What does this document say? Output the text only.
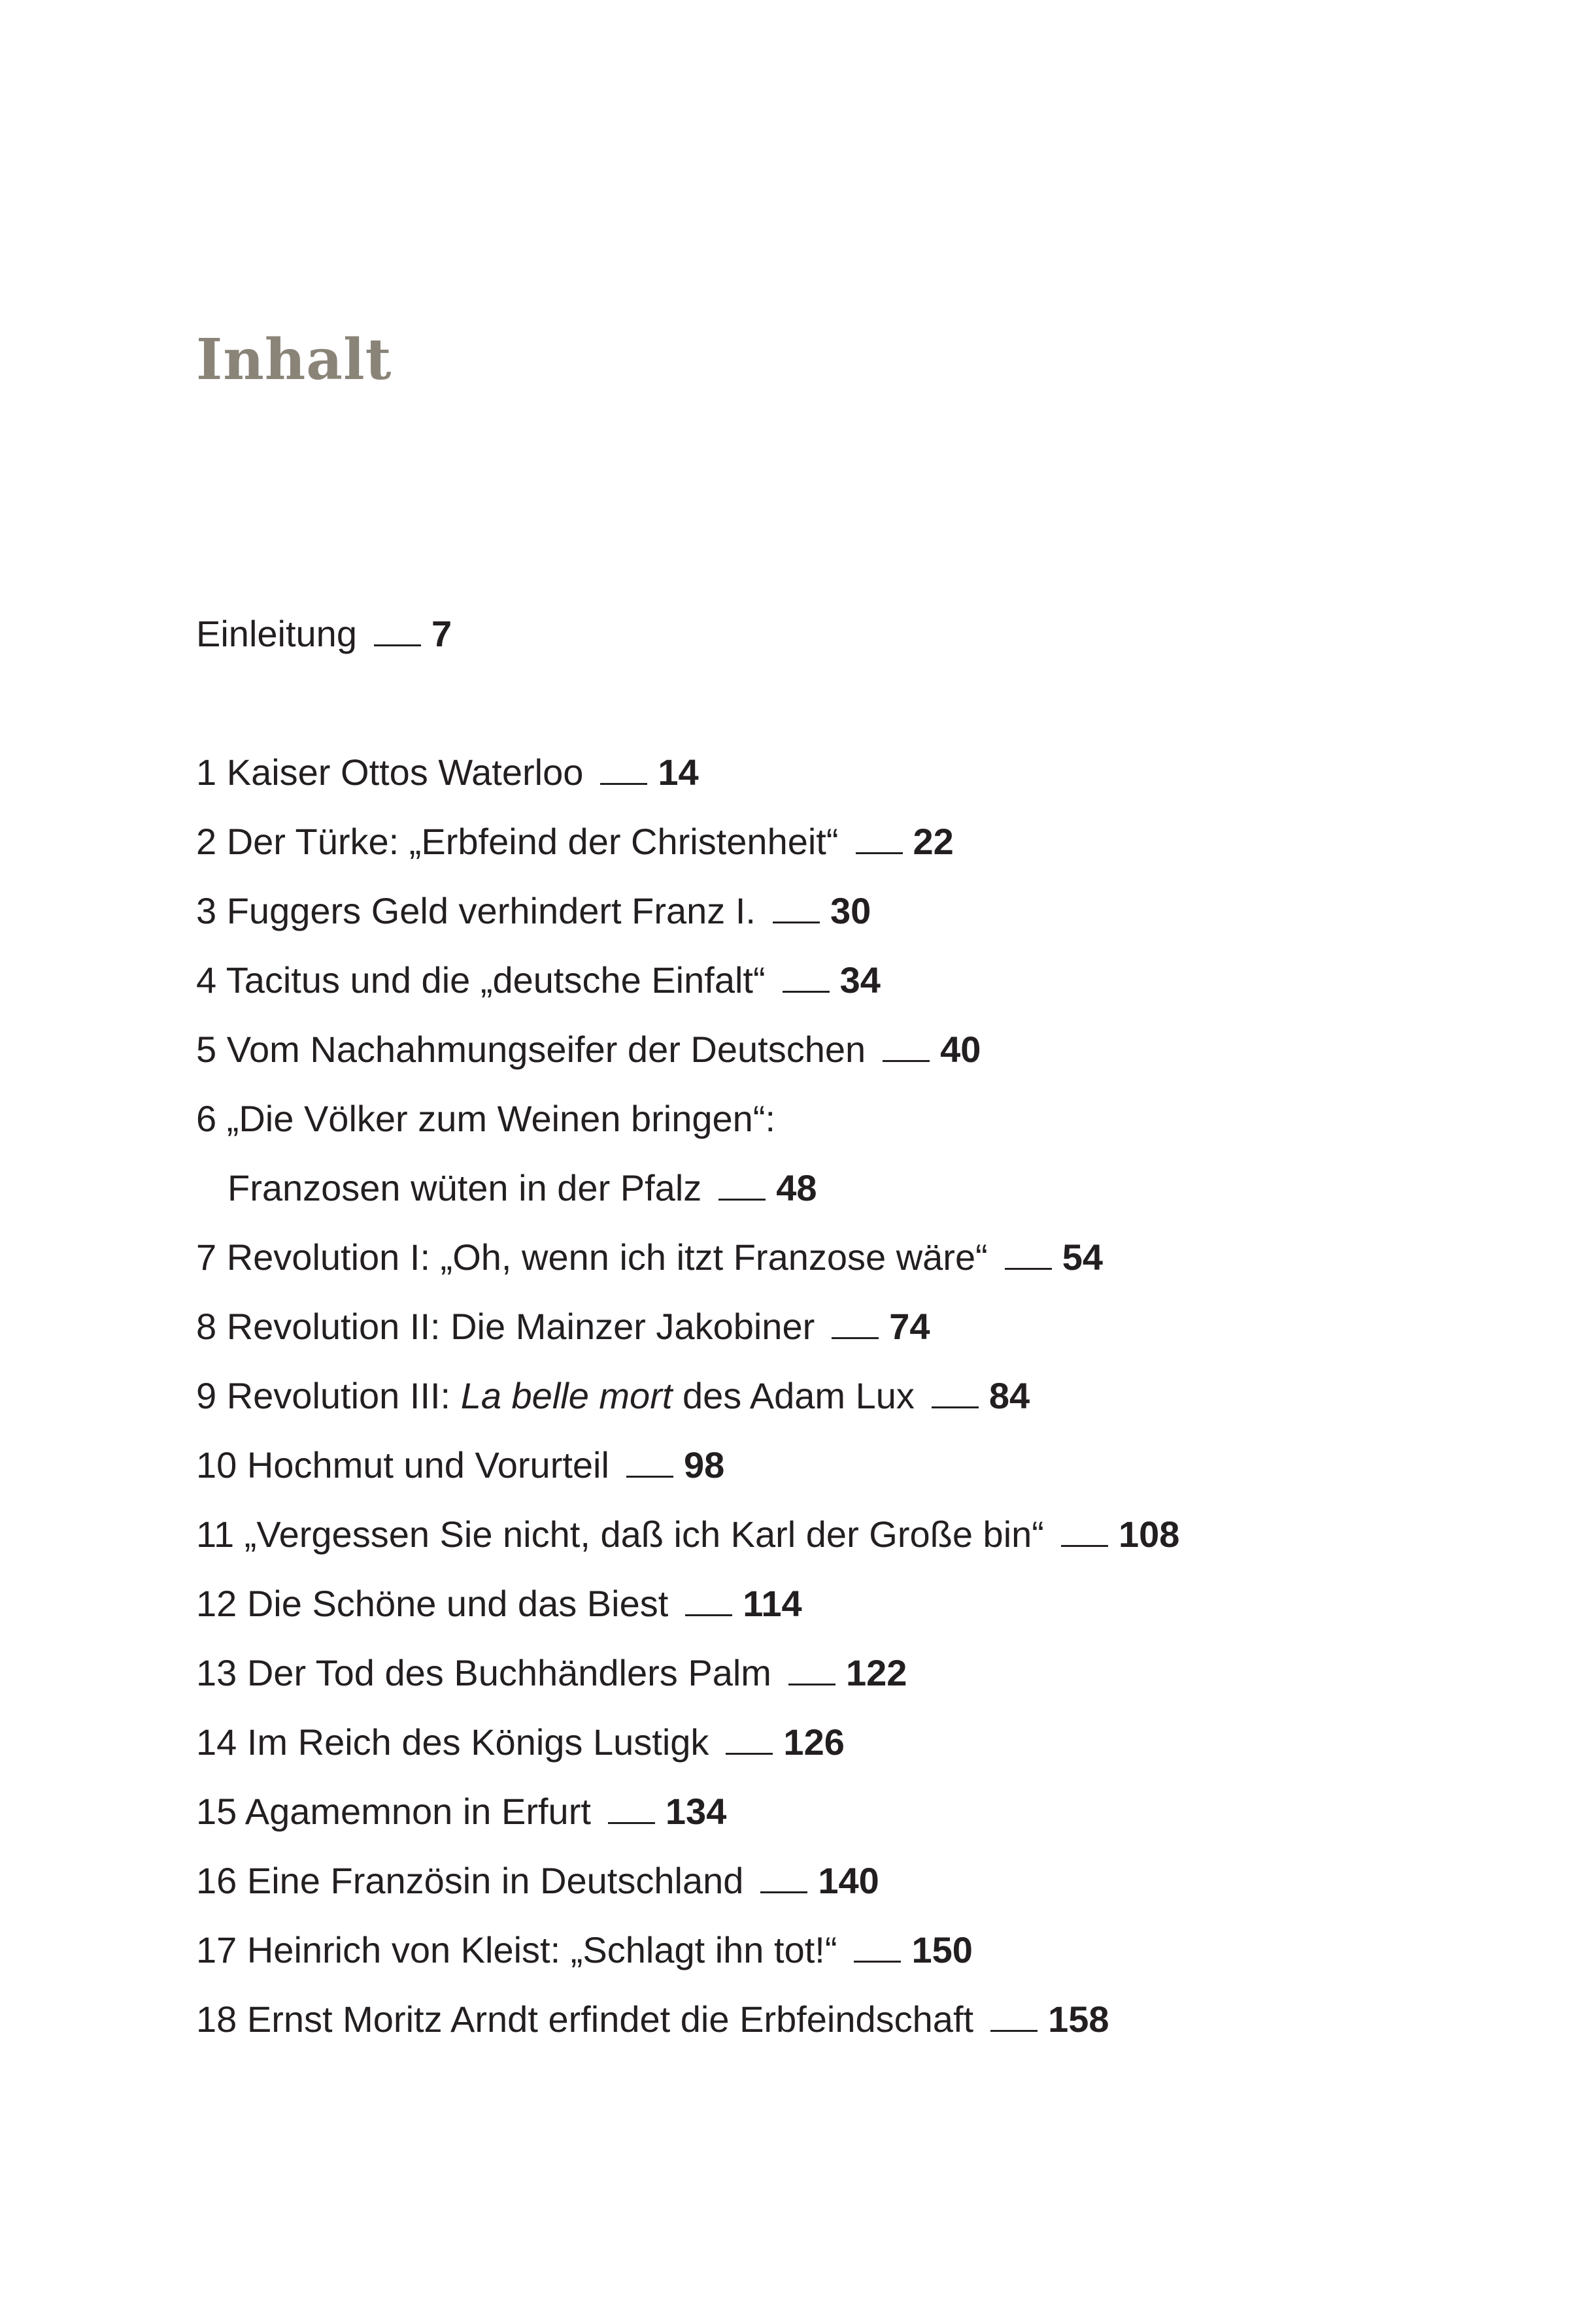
Inhalt
Einleitung 7
1 Kaiser Ottos Waterloo 14
2 Der Türke: „Erbfeind der Christenheit“ 22
3 Fuggers Geld verhindert Franz I. 30
4 Tacitus und die „deutsche Einfalt“ 34
5 Vom Nachahmungseifer der Deutschen 40
6 „Die Völker zum Weinen bringen“:
Franzosen wüten in der Pfalz 48
7 Revolution I: „Oh, wenn ich itzt Franzose wäre“ 54
8 Revolution II: Die Mainzer Jakobiner 74
9 Revolution III: La belle mort des Adam Lux 84
10 Hochmut und Vorurteil 98
11 „Vergessen Sie nicht, daß ich Karl der Große bin“ 108
12 Die Schöne und das Biest 114
13 Der Tod des Buchhändlers Palm 122
14 Im Reich des Königs Lustigk 126
15 Agamemnon in Erfurt 134
16 Eine Französin in Deutschland 140
17 Heinrich von Kleist: „Schlagt ihn tot!“ 150
18 Ernst Moritz Arndt erfindet die Erbfeindschaft 158
